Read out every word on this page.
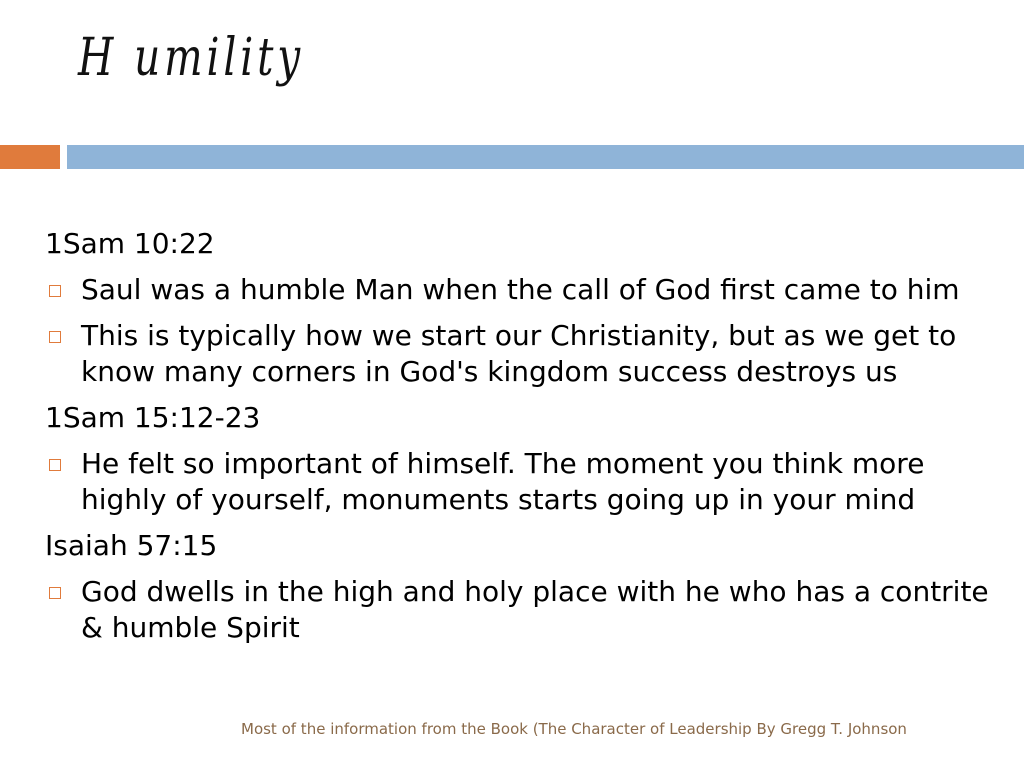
H umility
1Sam 10:22
Saul was a humble Man when the call of God first came to him
This is typically how we start our Christianity, but as we get to know many corners in God's kingdom success destroys us
1Sam 15:12-23
He felt so important of himself. The moment you think more highly of yourself, monuments starts going up in your mind
Isaiah 57:15
God dwells in the high and holy place with he who has a contrite & humble Spirit
Most of the information from the Book (The Character of Leadership By Gregg T. Johnson
